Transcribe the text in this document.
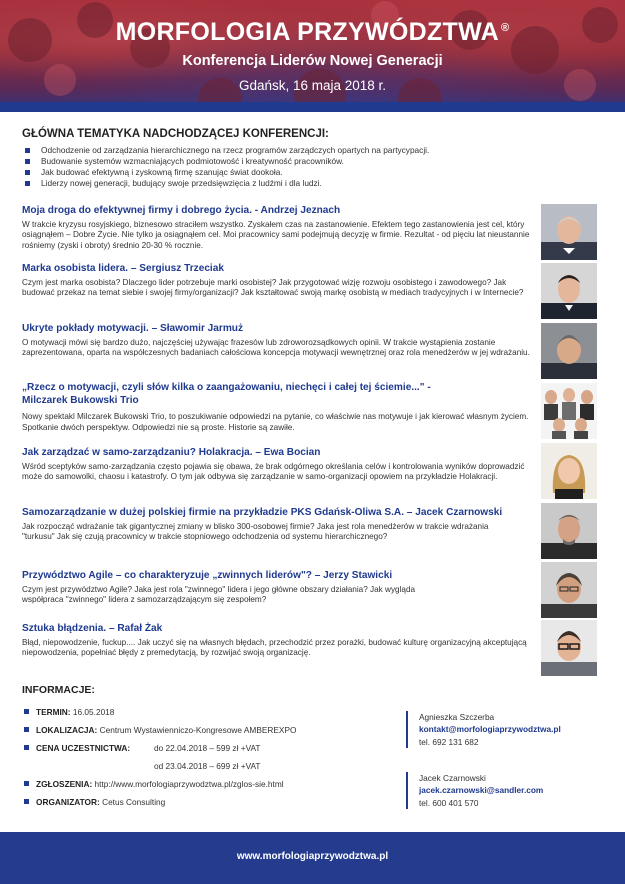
MORFOLOGIA PRZYWÓDZTWA ®
Konferencja Liderów Nowej Generacji
Gdańsk, 16 maja 2018 r.
GŁÓWNA TEMATYKA NADCHODZĄCEJ KONFERENCJI:
Odchodzenie od zarządzania hierarchicznego na rzecz programów zarządczych opartych na partycypacji.
Budowanie systemów wzmacniających podmiotowość i kreatywność pracowników.
Jak budować efektywną i zyskowną firmę szanując świat dookoła.
Liderzy nowej generacji, budujący swoje przedsięwzięcia z ludźmi i dla ludzi.
Moja droga do efektywnej firmy i dobrego życia. - Andrzej Jeznach
W trakcie kryzysu rosyjskiego, biznesowo straciłem wszystko. Zyskałem czas na zastanowienie. Efektem tego zastanowienia jest cel, który osiągnąłem – Dobre Życie. Nie tylko ja osiągnąłem cel. Moi pracownicy sami podejmują decyzję w firmie. Rezultat - od pięciu lat nieustannie rośniemy (zyski i obroty) średnio 20-30 % rocznie.
Marka osobista lidera. – Sergiusz Trzeciak
Czym jest marka osobista? Dlaczego lider potrzebuje marki osobistej? Jak przygotować wizję rozwoju osobistego i zawodowego? Jak budować przekaz na temat siebie i swojej firmy/organizacji? Jak kształtować swoją markę osobistą w mediach tradycyjnych i w Internecie?
Ukryte pokłady motywacji. – Sławomir Jarmuż
O motywacji mówi się bardzo dużo, najczęściej używając frazesów lub zdroworozsądkowych opinii. W trakcie wystąpienia zostanie zaprezentowana, oparta na współczesnych badaniach całościowa koncepcja motywacji wewnętrznej oraz rola menedżerów w jej wdrażaniu.
„Rzecz o motywacji, czyli słów kilka o zaangażowaniu, niechęci i całej tej ściemie..." - Milczarek Bukowski Trio
Nowy spektakl Milczarek Bukowski Trio, to poszukiwanie odpowiedzi na pytanie, co właściwie nas motywuje i jak kierować własnym życiem. Spotkanie dwóch perspektyw. Odpowiedzi nie są proste. Historie są zawiłe.
Jak zarządzać w samo-zarządzaniu? Holakracja. – Ewa Bocian
Wśród sceptyków samo-zarządzania często pojawia się obawa, że brak odgórnego określania celów i kontrolowania wyników doprowadzić może do samowolki, chaosu i katastrofy. O tym jak odbywa się zarządzanie w samo-organizacji opowiem na przykładzie Holakracji.
Samozarządzanie w dużej polskiej firmie na przykładzie PKS Gdańsk-Oliwa S.A. – Jacek Czarnowski
Jak rozpocząć wdrażanie tak gigantycznej zmiany w blisko 300-osobowej firmie? Jaka jest rola menedżerów w trakcie wdrażania "turkusu" Jak się czują pracownicy w trakcie stopniowego odchodzenia od systemu hierarchicznego?
Przywództwo Agile – co charakteryzuje „zwinnych liderów"? – Jerzy Stawicki
Czym jest przywództwo Agile? Jaka jest rola "zwinnego" lidera i jego główne obszary działania? Jak wygląda współpraca "zwinnego" lidera z samozarządzającym się zespołem?
Sztuka błądzenia. – Rafał Żak
Błąd, niepowodzenie, fuckup.... Jak uczyć się na własnych błędach, przechodzić przez porażki, budować kulturę organizacyjną akceptującą niepowodzenia, popełniać błędy z premedytacją, by rozwijać swoją organizację.
INFORMACJE:
TERMIN: 16.05.2018
LOKALIZACJA: Centrum Wystawienniczo-Kongresowe AMBEREXPO
CENA UCZESTNICTWA:	do 22.04.2018 – 599 zł +VAT
od 23.04.2018 – 699 zł +VAT
ZGŁOSZENIA: http://www.morfologiaprzywodztwa.pl/zglos-sie.html
ORGANIZATOR: Cetus Consulting
Agnieszka Szczerba
kontakt@morfologiaprzywodztwa.pl
tel. 692 131 682
Jacek Czarnowski
jacek.czarnowski@sandler.com
tel. 600 401 570
www.morfologiaprzywodztwa.pl
